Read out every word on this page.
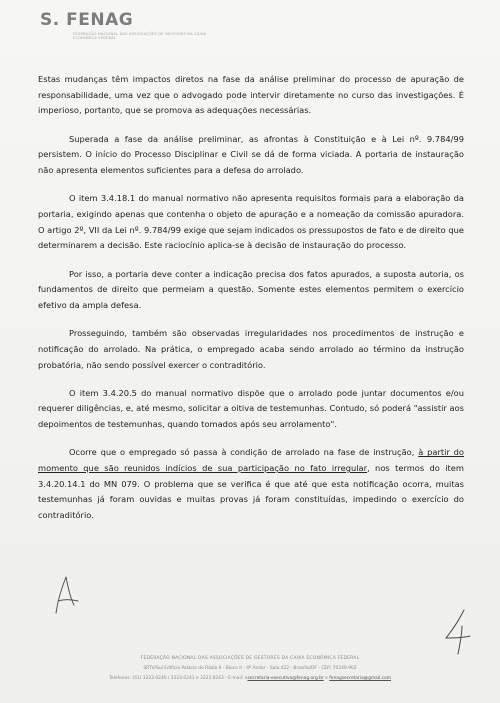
S. FENAG
FEDERAÇÃO NACIONAL DAS ASSOCIAÇÕES DE GESTORES DA CAIXA ECONÔMICA FEDERAL

Estas mudanças têm impactos diretos na fase da análise preliminar do processo de apuração de responsabilidade, uma vez que o advogado pode intervir diretamente no curso das investigações. É imperioso, portanto, que se promova as adequações necessárias.

Superada a fase da análise preliminar, as afrontas à Constituição e à Lei nº. 9.784/99 persistem. O início do Processo Disciplinar e Civil se dá de forma viciada. A portaria de instauração não apresenta elementos suficientes para a defesa do arrolado.

O item 3.4.18.1 do manual normativo não apresenta requisitos formais para a elaboração da portaria, exigindo apenas que contenha o objeto de apuração e a nomeação da comissão apuradora. O artigo 2º, VII da Lei nº. 9.784/99 exige que sejam indicados os pressupostos de fato e de direito que determinarem a decisão. Este raciocínio aplica-se à decisão de instauração do processo.

Por isso, a portaria deve conter a indicação precisa dos fatos apurados, a suposta autoria, os fundamentos de direito que permeiam a questão. Somente estes elementos permitem o exercício efetivo da ampla defesa.

Prosseguindo, também são observadas irregularidades nos procedimentos de instrução e notificação do arrolado. Na prática, o empregado acaba sendo arrolado ao término da instrução probatória, não sendo possível exercer o contraditório.

O item 3.4.20.5 do manual normativo dispõe que o arrolado pode juntar documentos e/ou requerer diligências, e, até mesmo, solicitar a oitiva de testemunhas. Contudo, só poderá "assistir aos depoimentos de testemunhas, quando tomados após seu arrolamento".

Ocorre que o empregado só passa à condição de arrolado na fase de instrução, à partir do momento que são reunidos indícios de sua participação no fato irregular, nos termos do item 3.4.20.14.1 do MN 079. O problema que se verifica é que até que esta notificação ocorra, muitas testemunhas já foram ouvidas e muitas provas já foram constituídas, impedindo o exercício do contraditório.

FEDERAÇÃO NACIONAL DAS ASSOCIAÇÕES DE GESTORES DA CAIXA ECONÔMICA FEDERAL
SRTV/Sul Edifício Palácio do Rádio II - Bloco II - 4º Andar - Sala 422 - Brasília/DF - CEP: 70340-902
Telefones: (61) 3223.0240 / 3223.0241 e 3223.0243 - E-mail: esecretaria-executiva@fenag.org.br e fenagsecretaria@gmail.com
